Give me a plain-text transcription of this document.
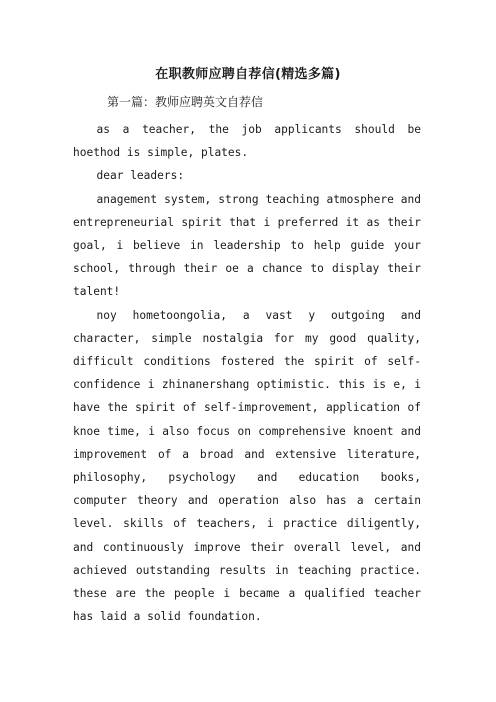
在职教师应聘自荐信(精选多篇)
第一篇：教师应聘英文自荐信

as a teacher, the job applicants should be hoethod is simple, plates.

dear leaders:

anagement system, strong teaching atmosphere and entrepreneurial spirit that i preferred it as their goal, i believe in leadership to help guide your school, through their oe a chance to display their talent!

noy hometoongolia, a vast y outgoing and character, simple nostalgia for my good quality, difficult conditions fostered the spirit of self-confidence i zhinanershang optimistic. this is e, i have the spirit of self-improvement, application of knoe time, i also focus on comprehensive knoent and improvement of a broad and extensive literature, philosophy, psychology and education books, computer theory and operation also has a certain level. skills of teachers, i practice diligently, and continuously improve their overall level, and achieved outstanding results in teaching practice. these are the people i became a qualified teacher has laid a solid foundation.
